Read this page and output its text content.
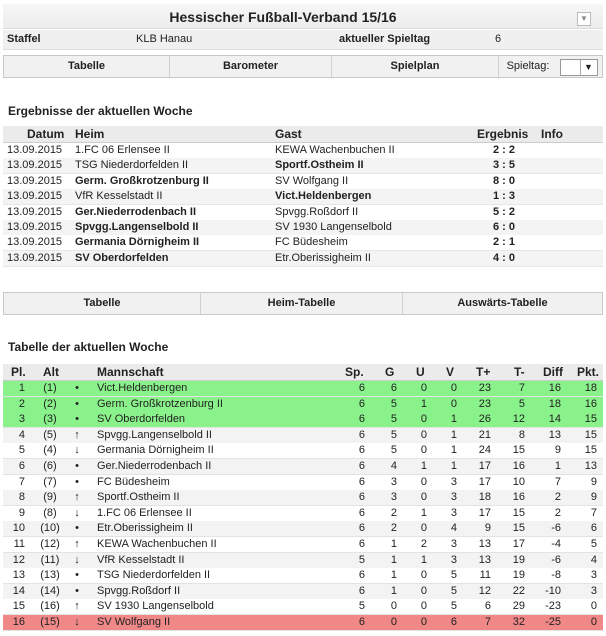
Hessischer Fußball-Verband 15/16	▼
Staffel	KLB Hanau	aktueller Spieltag	6
Tabelle	Barometer	Spielplan	Spieltag:	▼
Ergebnisse der aktuellen Woche
Datum Heim	Gast	Ergebnis Info
13.09.2015 1.FC 06 Erlensee II	KEWA Wachenbuchen II	2 : 2
13.09.2015 TSG Niederdorfelden II	Sportf.Ostheim II	3 : 5
13.09.2015 Germ. Großkrotzenburg II	SV Wolfgang II	8 : 0
13.09.2015 VfR Kesselstadt II	Vict.Heldenbergen	1 : 3
13.09.2015 Ger.Niederrodenbach II	Spvgg.Roßdorf II	5 : 2
13.09.2015 Spvgg.Langenselbold II	SV 1930 Langenselbold	6 : 0
13.09.2015 Germania Dörnigheim II	FC Büdesheim	2 : 1
13.09.2015 SV Oberdorfelden	Etr.Oberissigheim II	4 : 0
Tabelle	Heim-Tabelle	Auswärts-Tabelle
Tabelle der aktuellen Woche
Pl. Alt	Mannschaft	Sp. G U V T+ T- Diff Pkt.
1	(1)	•	Vict.Heldenbergen	6	6	0	0	23	7	16	18
2	(2)	•	Germ. Großkrotzenburg II	6	5	1	0	23	5	18	16
3	(3)	•	SV Oberdorfelden	6	5	0	1	26	12	14	15
4	(5)	↑	Spvgg.Langenselbold II	6	5	0	1	21	8	13	15
5	(4)	↓	Germania Dörnigheim II	6	5	0	1	24	15	9	15
6	(6)	•	Ger.Niederrodenbach II	6	4	1	1	17	16	1	13
7	(7)	•	FC Büdesheim	6	3	0	3	17	10	7	9
8	(9)	↑	Sportf.Ostheim II	6	3	0	3	18	16	2	9
9	(8)	↓	1.FC 06 Erlensee II	6	2	1	3	17	15	2	7
10 (10)	•	Etr.Oberissigheim II	6	2	0	4	9	15	-6	6
11 (12)	↑	KEWA Wachenbuchen II	6	1	2	3	13	17	-4	5
12	(11)	↓	VfR Kesselstadt II	5	1	1	3	13	19	-6	4
13 (13)	•	TSG Niederdorfelden II	6	1	0	5	11	19	-8	3
14 (14)	•	Spvgg.Roßdorf II	6	1	0	5	12	22	-10	3
15 (16)	↑	SV 1930 Langenselbold	5	0	0	5	6	29	-23	0
16 (15)	↓	SV Wolfgang II	6	0	0	6	7	32	-25	0
